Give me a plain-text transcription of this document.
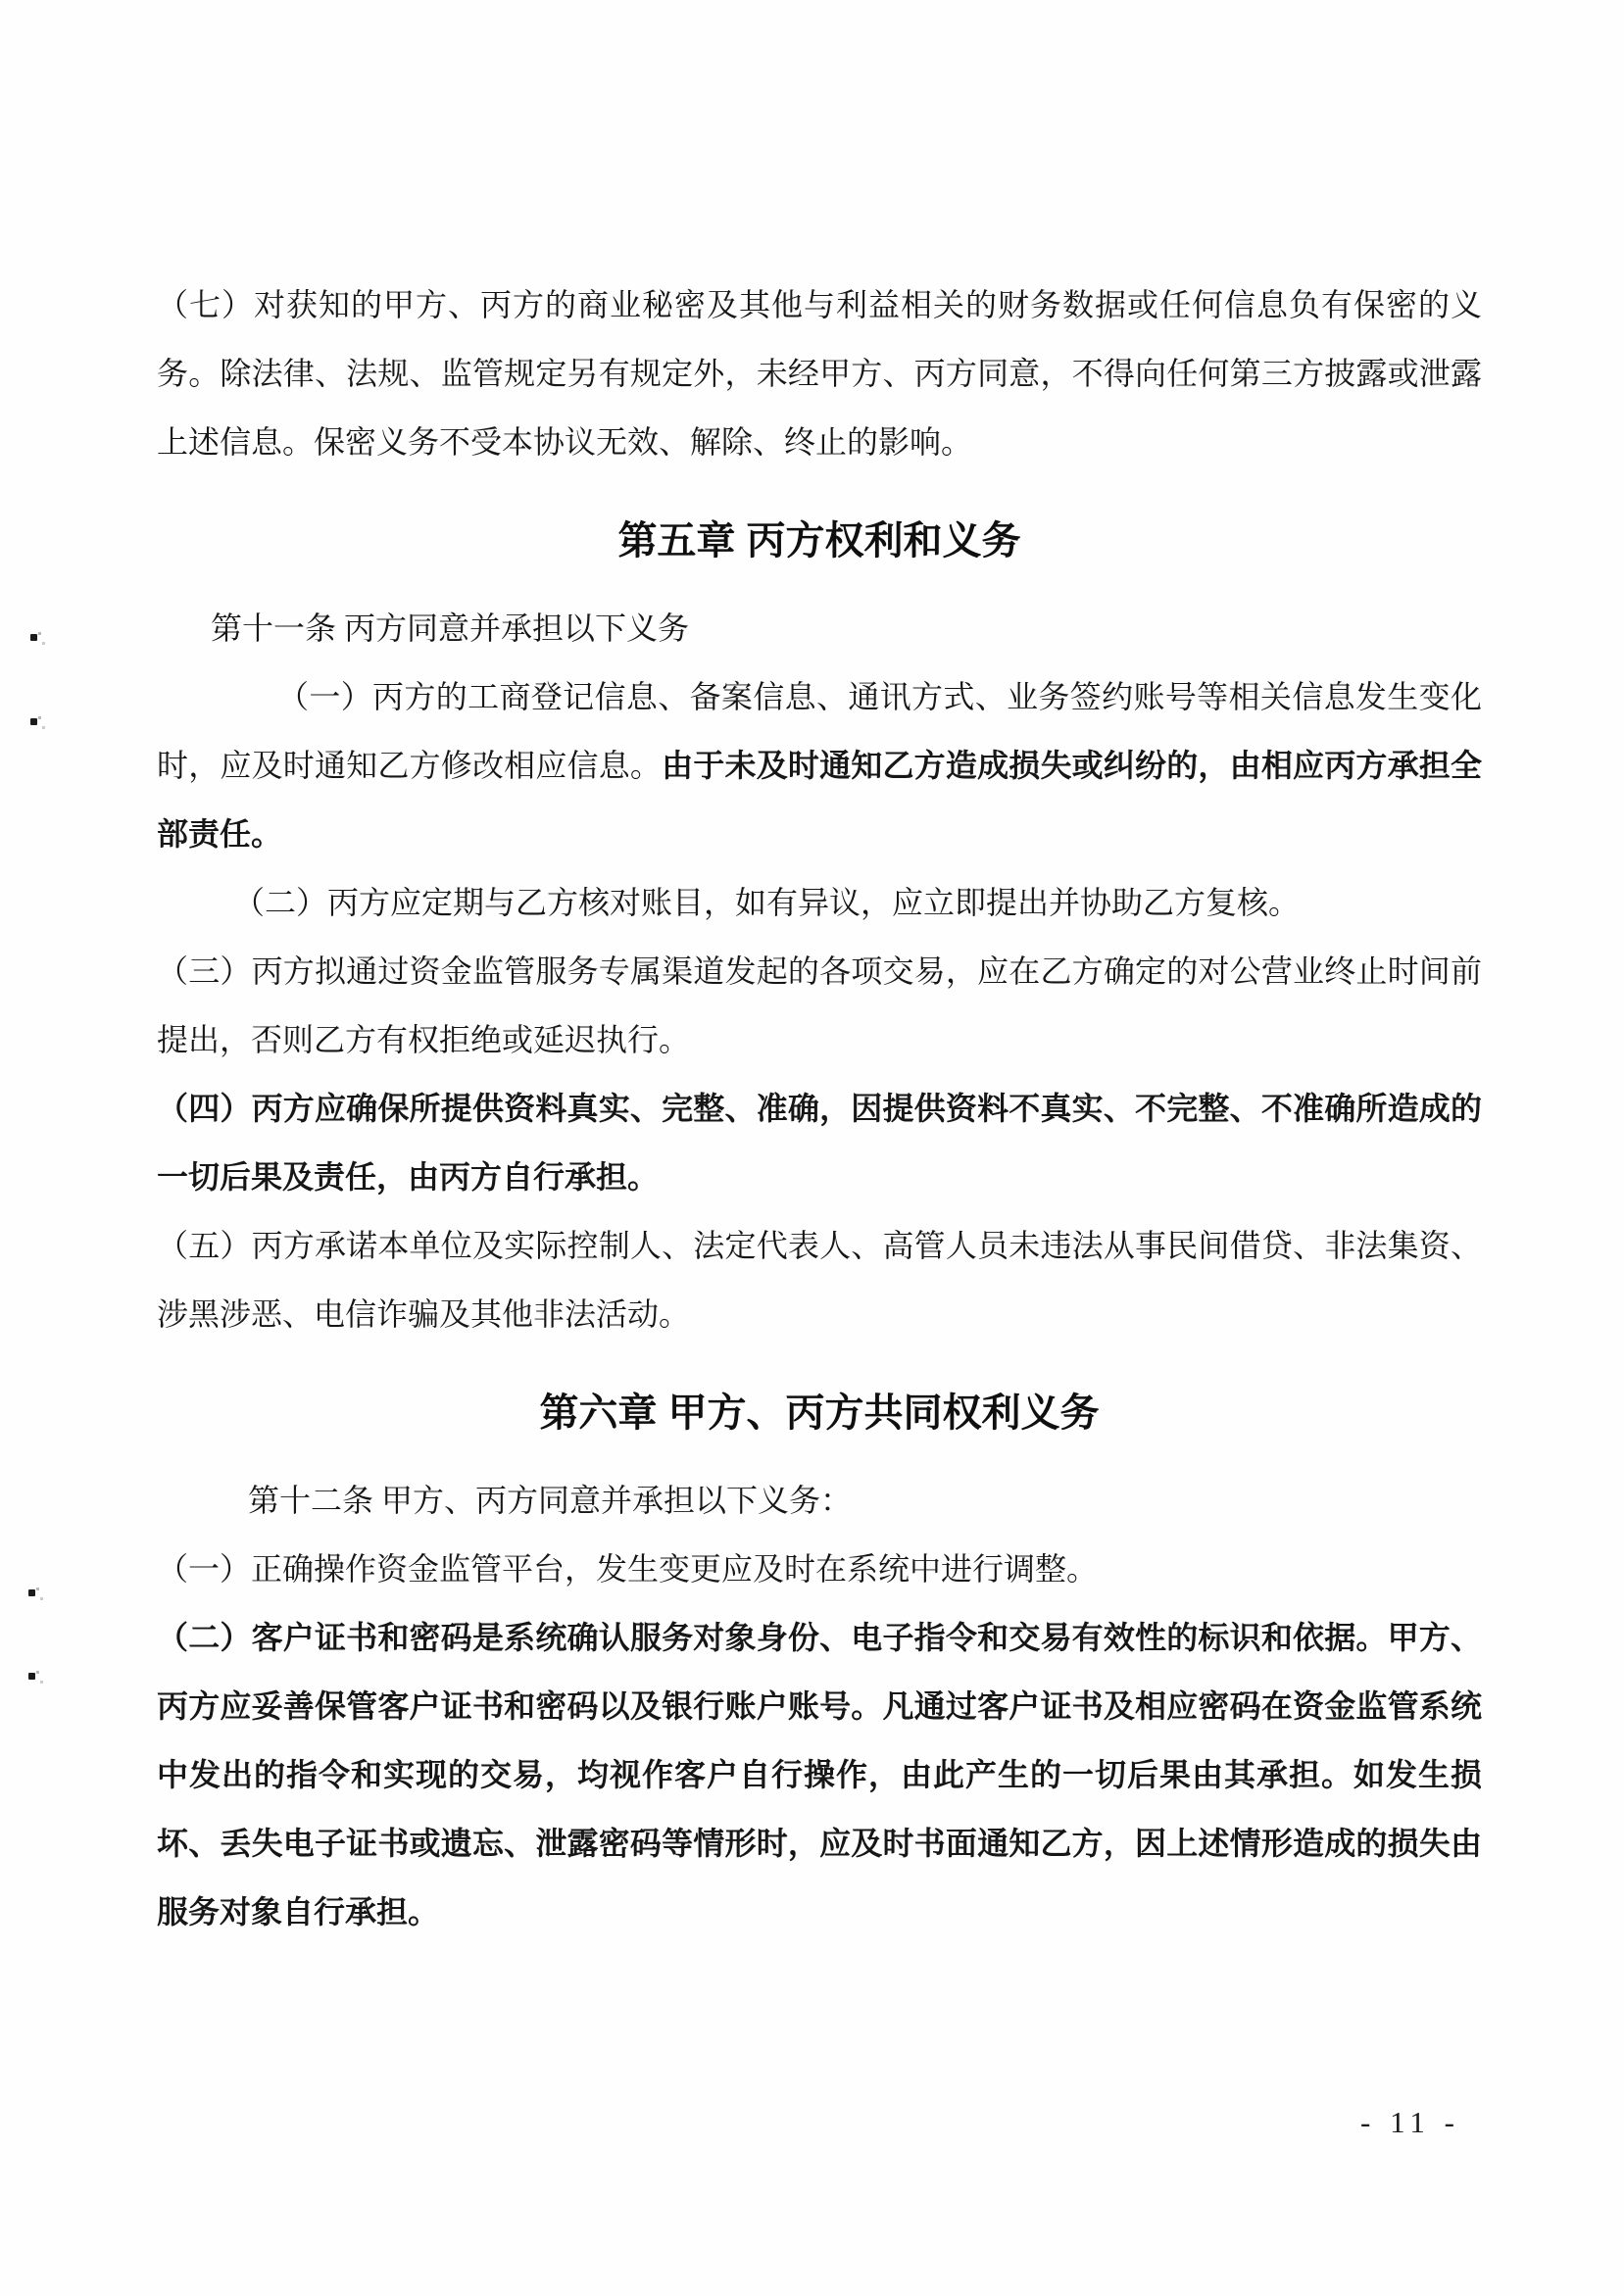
（七）对获知的甲方、丙方的商业秘密及其他与利益相关的财务数据或任何信息负有保密的义务。除法律、法规、监管规定另有规定外，未经甲方、丙方同意，不得向任何第三方披露或泄露上述信息。保密义务不受本协议无效、解除、终止的影响。
第五章 丙方权利和义务
第十一条 丙方同意并承担以下义务
（一）丙方的工商登记信息、备案信息、通讯方式、业务签约账号等相关信息发生变化时，应及时通知乙方修改相应信息。由于未及时通知乙方造成损失或纠纷的，由相应丙方承担全部责任。
（二）丙方应定期与乙方核对账目，如有异议，应立即提出并协助乙方复核。
（三）丙方拟通过资金监管服务专属渠道发起的各项交易，应在乙方确定的对公营业终止时间前提出，否则乙方有权拒绝或延迟执行。
（四）丙方应确保所提供资料真实、完整、准确，因提供资料不真实、不完整、不准确所造成的一切后果及责任，由丙方自行承担。
（五）丙方承诺本单位及实际控制人、法定代表人、高管人员未违法从事民间借贷、非法集资、涉黑涉恶、电信诈骗及其他非法活动。
第六章 甲方、丙方共同权利义务
第十二条 甲方、丙方同意并承担以下义务：
（一）正确操作资金监管平台，发生变更应及时在系统中进行调整。
（二）客户证书和密码是系统确认服务对象身份、电子指令和交易有效性的标识和依据。甲方、丙方应妥善保管客户证书和密码以及银行账户账号。凡通过客户证书及相应密码在资金监管系统中发出的指令和实现的交易，均视作客户自行操作，由此产生的一切后果由其承担。如发生损坏、丢失电子证书或遗忘、泄露密码等情形时，应及时书面通知乙方，因上述情形造成的损失由服务对象自行承担。
- 11 -
